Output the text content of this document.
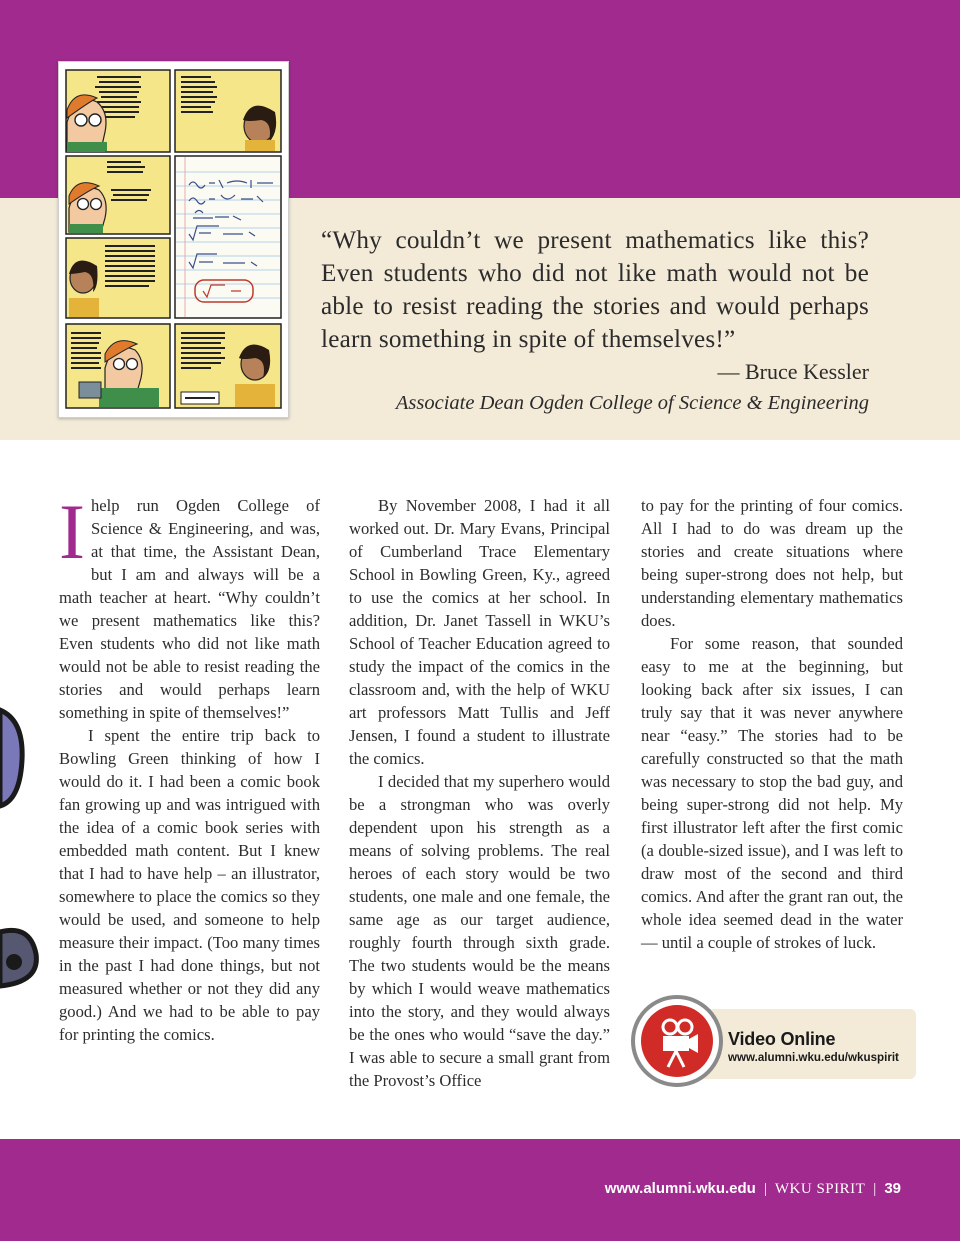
“Why couldn’t we present mathematics like this? Even students who did not like math would not be able to resist reading the stories and would perhaps learn something in spite of themselves!”
— Bruce Kessler
Associate Dean Ogden College of Science & Engineering

Ihelp run Ogden College of Science & Engineering, and was, at that time, the Assistant Dean, but I am and always will be a math teacher at heart. “Why couldn’t we present mathematics like this? Even students who did not like math would not be able to resist reading the stories and would perhaps learn something in spite of themselves!”

I spent the entire trip back to Bowling Green thinking of how I would do it. I had been a comic book fan growing up and was intrigued with the idea of a comic book series with embedded math content. But I knew that I had to have help – an illustrator, somewhere to place the comics so they would be used, and someone to help measure their impact. (Too many times in the past I had done things, but not measured whether or not they did any good.) And we had to be able to pay for printing the comics.

By November 2008, I had it all worked out. Dr. Mary Evans, Principal of Cumberland Trace Elementary School in Bowling Green, Ky., agreed to use the comics at her school. In addition, Dr. Janet Tassell in WKU’s School of Teacher Education agreed to study the impact of the comics in the classroom and, with the help of WKU art professors Matt Tullis and Jeff Jensen, I found a student to illustrate the comics.

I decided that my superhero would be a strongman who was overly dependent upon his strength as a means of solving problems. The real heroes of each story would be two students, one male and one female, the same age as our target audience, roughly fourth through sixth grade. The two students would be the means by which I would weave mathematics into the story, and they would always be the ones who would “save the day.” I was able to secure a small grant from the Provost’s Office

to pay for the printing of four comics. All I had to do was dream up the stories and create situations where being super-strong does not help, but understanding elementary mathematics does.

For some reason, that sounded easy to me at the beginning, but looking back after six issues, I can truly say that it was never anywhere near “easy.” The stories had to be carefully constructed so that the math was necessary to stop the bad guy, and being super-strong did not help. My first illustrator left after the first comic (a double-sized issue), and I was left to draw most of the second and third comics. And after the grant ran out, the whole idea seemed dead in the water — until a couple of strokes of luck.

Video Online
www.alumni.wku.edu/wkuspirit
www.alumni.wku.edu | WKU SPIRIT | 39
